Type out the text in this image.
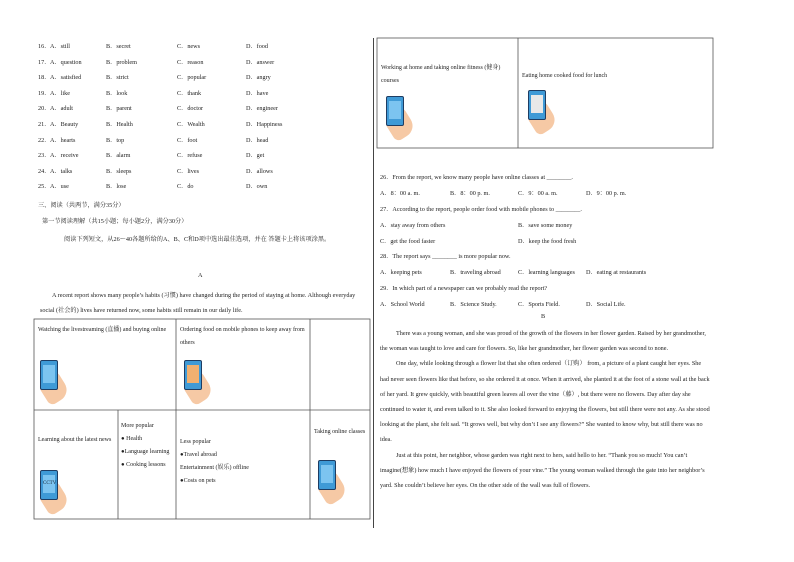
16． A．still	B．secret	C．news	D．food
17． A．question	B．problem	C．reason	D．answer
18． A．satisfied	B．strict	C．popular	D．angry
19． A．like	B．look	C．thank	D．have
20． A．adult	B．parent	C．doctor	D．engineer
21． A．Beauty	B．Health	C．Wealth	D．Happiness
22． A．hearts	B．top	C．foot	D．head
23． A．receive	B．alarm	C．refuse	D．get
24． A．talks	B．sleeps	C．lives	D．allows
25． A．use	B．lose	C．do	D．own
三、阅读（共两节，满分35分）
第一节阅读理解（共15小题；每小题2分，满分30分）
阅读下列短文，从26～40各题所给的A、B、C和D项中选出最佳选项，并在 答题卡上将该项涂黑。
A
A recent report shows many people’s habits (习惯) have changed during the period of staying at home. Although everyday social (社会的) lives have returned now, some habits still remain in our daily life.
Watching the livestreaming (直播) and buying online	Ordering food on mobile phones to keep away from others
Learning about the latest news
CCTV
More popular
● Health
●Language learning
● Cooking lessons
Less popular
●Travel abroad
Entertainment (娱乐) offline
●Costs on pets
Taking online classes
Working at home and taking online fitness (健身) courses
Eating home cooked food for lunch
26．From the report, we know many people have online classes at ________.
A．8：00 a. m.	B．8：00 p. m.	C．9：00 a. m.	D．9：00 p. m.
27．According to the report, people order food with mobile phones to ________.
A．stay away from others	B．save some money
C．get the food faster	D．keep the food fresh
28．The report says ________ is more popular now.
A．keeping pets	B．traveling abroad	C．learning languages D．eating at restaurants
29．In which part of a newspaper can we probably read the report?
A．School World	B．Science Study.	C．Sports Field.	D．Social Life.
B
There was a young woman, and she was proud of the growth of the flowers in her flower garden. Raised by her grandmother, the woman was taught to love and care for flowers. So, like her grandmother, her flower garden was second to none.
One day, while looking through a flower list that she often ordered（订购） from, a picture of a plant caught her eyes. She had never seen flowers like that before, so she ordered it at once. When it arrived, she planted it at the foot of a stone wall at the back of her yard. It grew quickly, with beautiful green leaves all over the vine（藤）, but there were no flowers. Day after day she continued to water it, and even talked to it. She also looked forward to enjoying the flowers, but still there were not any. As she stood looking at the plant, she felt sad. “It grows well, but why don’t I see any flowers?” She wanted to know why, but still there was no idea.
Just at this point, her neighbor, whose garden was right next to hers, said hello to her. “Thank you so much! You can’t imagine(想象) how much I have enjoyed the flowers of your vine.” The young woman walked through the gate into her neighbor’s yard. She couldn’t believe her eyes. On the other side of the wall was full of flowers.
